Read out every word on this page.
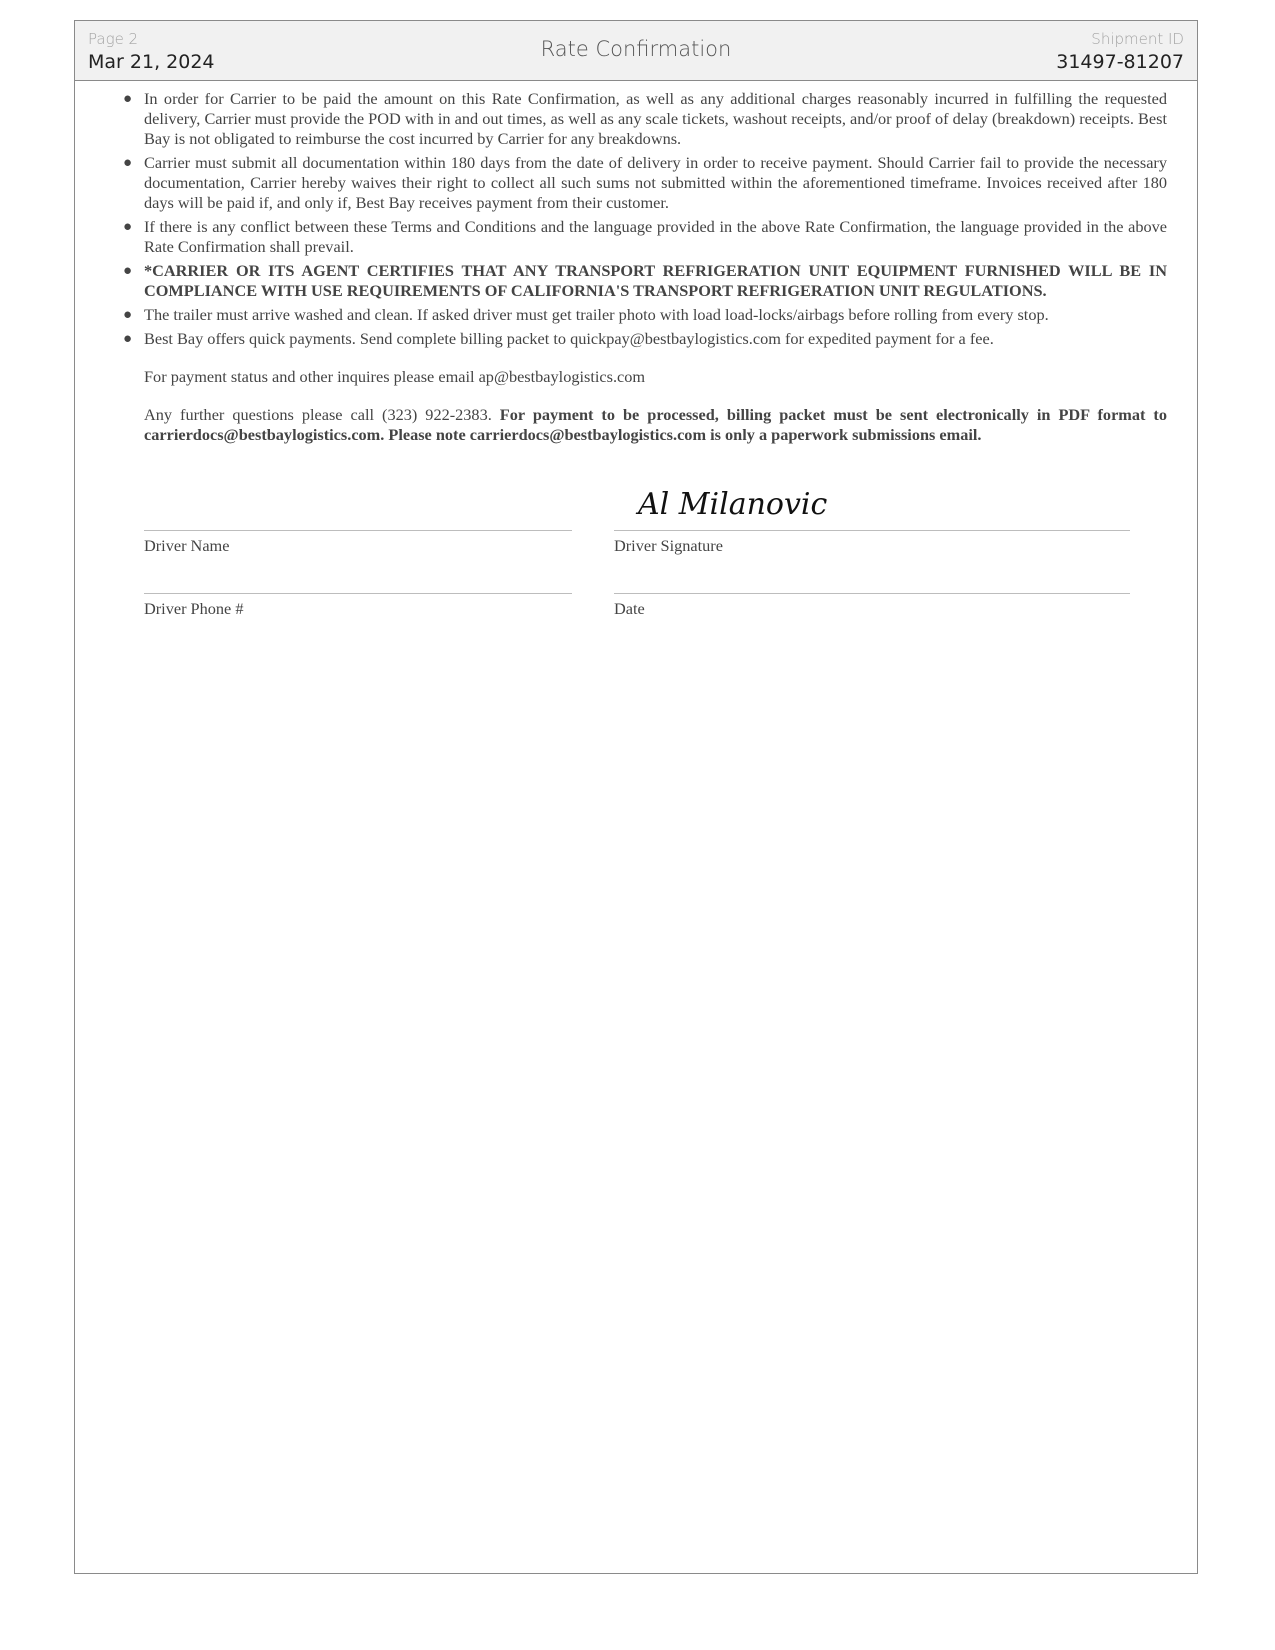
Page 2
Mar 21, 2024
Rate Confirmation	Shipment ID
31497-81207
● In order for Carrier to be paid the amount on this Rate Confirmation, as well as any additional charges reasonably incurred in fulfilling the requested delivery, Carrier must provide the POD with in and out times, as well as any scale tickets, washout receipts, and/or proof of delay (breakdown) receipts. Best Bay is not obligated to reimburse the cost incurred by Carrier for any breakdowns.
● Carrier must submit all documentation within 180 days from the date of delivery in order to receive payment. Should Carrier fail to provide the necessary documentation, Carrier hereby waives their right to collect all such sums not submitted within the aforementioned timeframe. Invoices received after 180 days will be paid if, and only if, Best Bay receives payment from their customer.
● If there is any conflict between these Terms and Conditions and the language provided in the above Rate Confirmation, the language provided in the above Rate Confirmation shall prevail.
● *CARRIER OR ITS AGENT CERTIFIES THAT ANY TRANSPORT REFRIGERATION UNIT EQUIPMENT FURNISHED WILL BE IN COMPLIANCE WITH USE REQUIREMENTS OF CALIFORNIA'S TRANSPORT REFRIGERATION UNIT REGULATIONS.
● The trailer must arrive washed and clean. If asked driver must get trailer photo with load load-locks/airbags before rolling from every stop.
● Best Bay offers quick payments. Send complete billing packet to quickpay@bestbaylogistics.com for expedited payment for a fee.
For payment status and other inquires please email ap@bestbaylogistics.com
Any further questions please call (323) 922-2383. For payment to be processed, billing packet must be sent electronically in PDF format to carrierdocs@bestbaylogistics.com. Please note carrierdocs@bestbaylogistics.com is only a paperwork submissions email.
Al Milanovic
Driver Name	Driver Signature
Driver Phone #	Date
